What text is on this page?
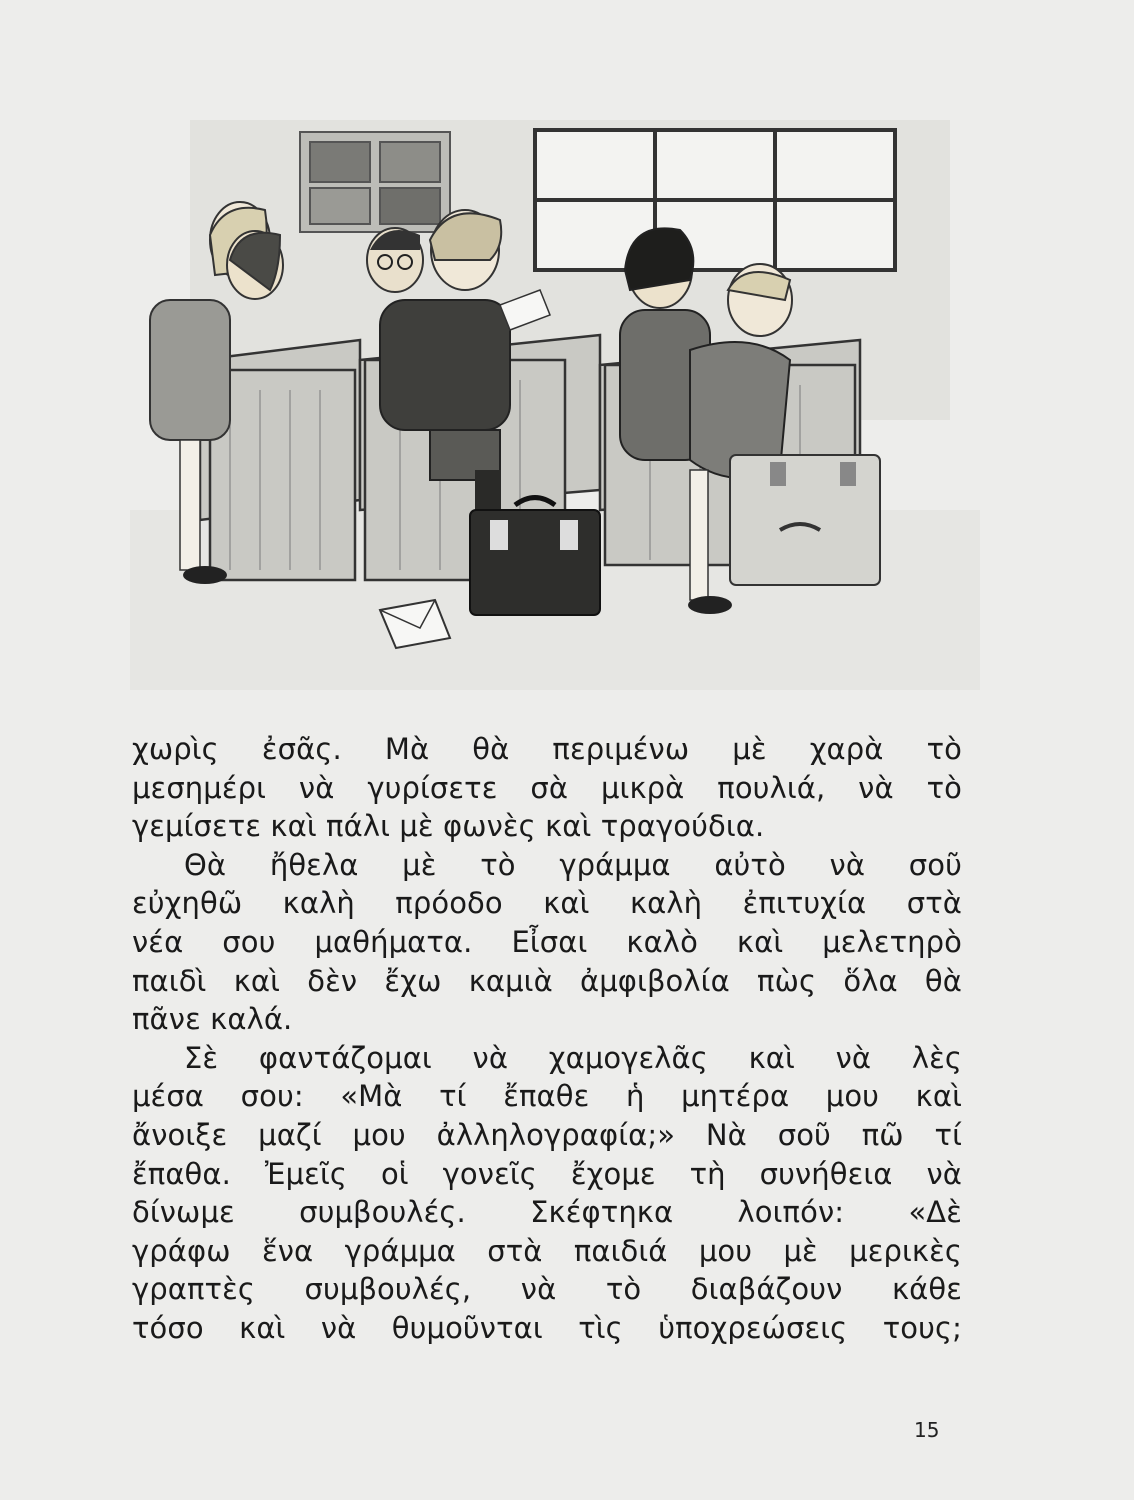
χωρὶς ἐσᾶς. Μὰ θὰ περιμένω μὲ χαρὰ τὸ
μεσημέρι νὰ γυρίσετε σὰ μικρὰ πουλιά, νὰ τὸ
γεμίσετε καὶ πάλι μὲ φωνὲς καὶ τραγούδια.
Θὰ ἤθελα μὲ τὸ γράμμα αὐτὸ νὰ σοῦ
εὐχηθῶ καλὴ πρόοδο καὶ καλὴ ἐπιτυχία στὰ
νέα σου μαθήματα. Εἶσαι καλὸ καὶ μελετηρὸ
παιδὶ καὶ δὲν ἔχω καμιὰ ἀμφιβολία πὼς ὅλα θὰ
πᾶνε καλά.
Σὲ φαντάζομαι νὰ χαμογελᾶς καὶ νὰ λὲς
μέσα σου: «Μὰ τί ἔπαθε ἡ μητέρα μου καὶ
ἄνοιξε μαζί μου ἀλληλογραφία;» Νὰ σοῦ πῶ τί
ἔπαθα. Ἐμεῖς οἱ γονεῖς ἔχομε τὴ συνήθεια νὰ
δίνωμε συμβουλές. Σκέφτηκα λοιπόν: «Δὲ
γράφω ἕνα γράμμα στὰ παιδιά μου μὲ μερικὲς
γραπτὲς συμβουλές, νὰ τὸ διαβάζουν κάθε
τόσο καὶ νὰ θυμοῦνται τὶς ὑποχρεώσεις τους;
15
